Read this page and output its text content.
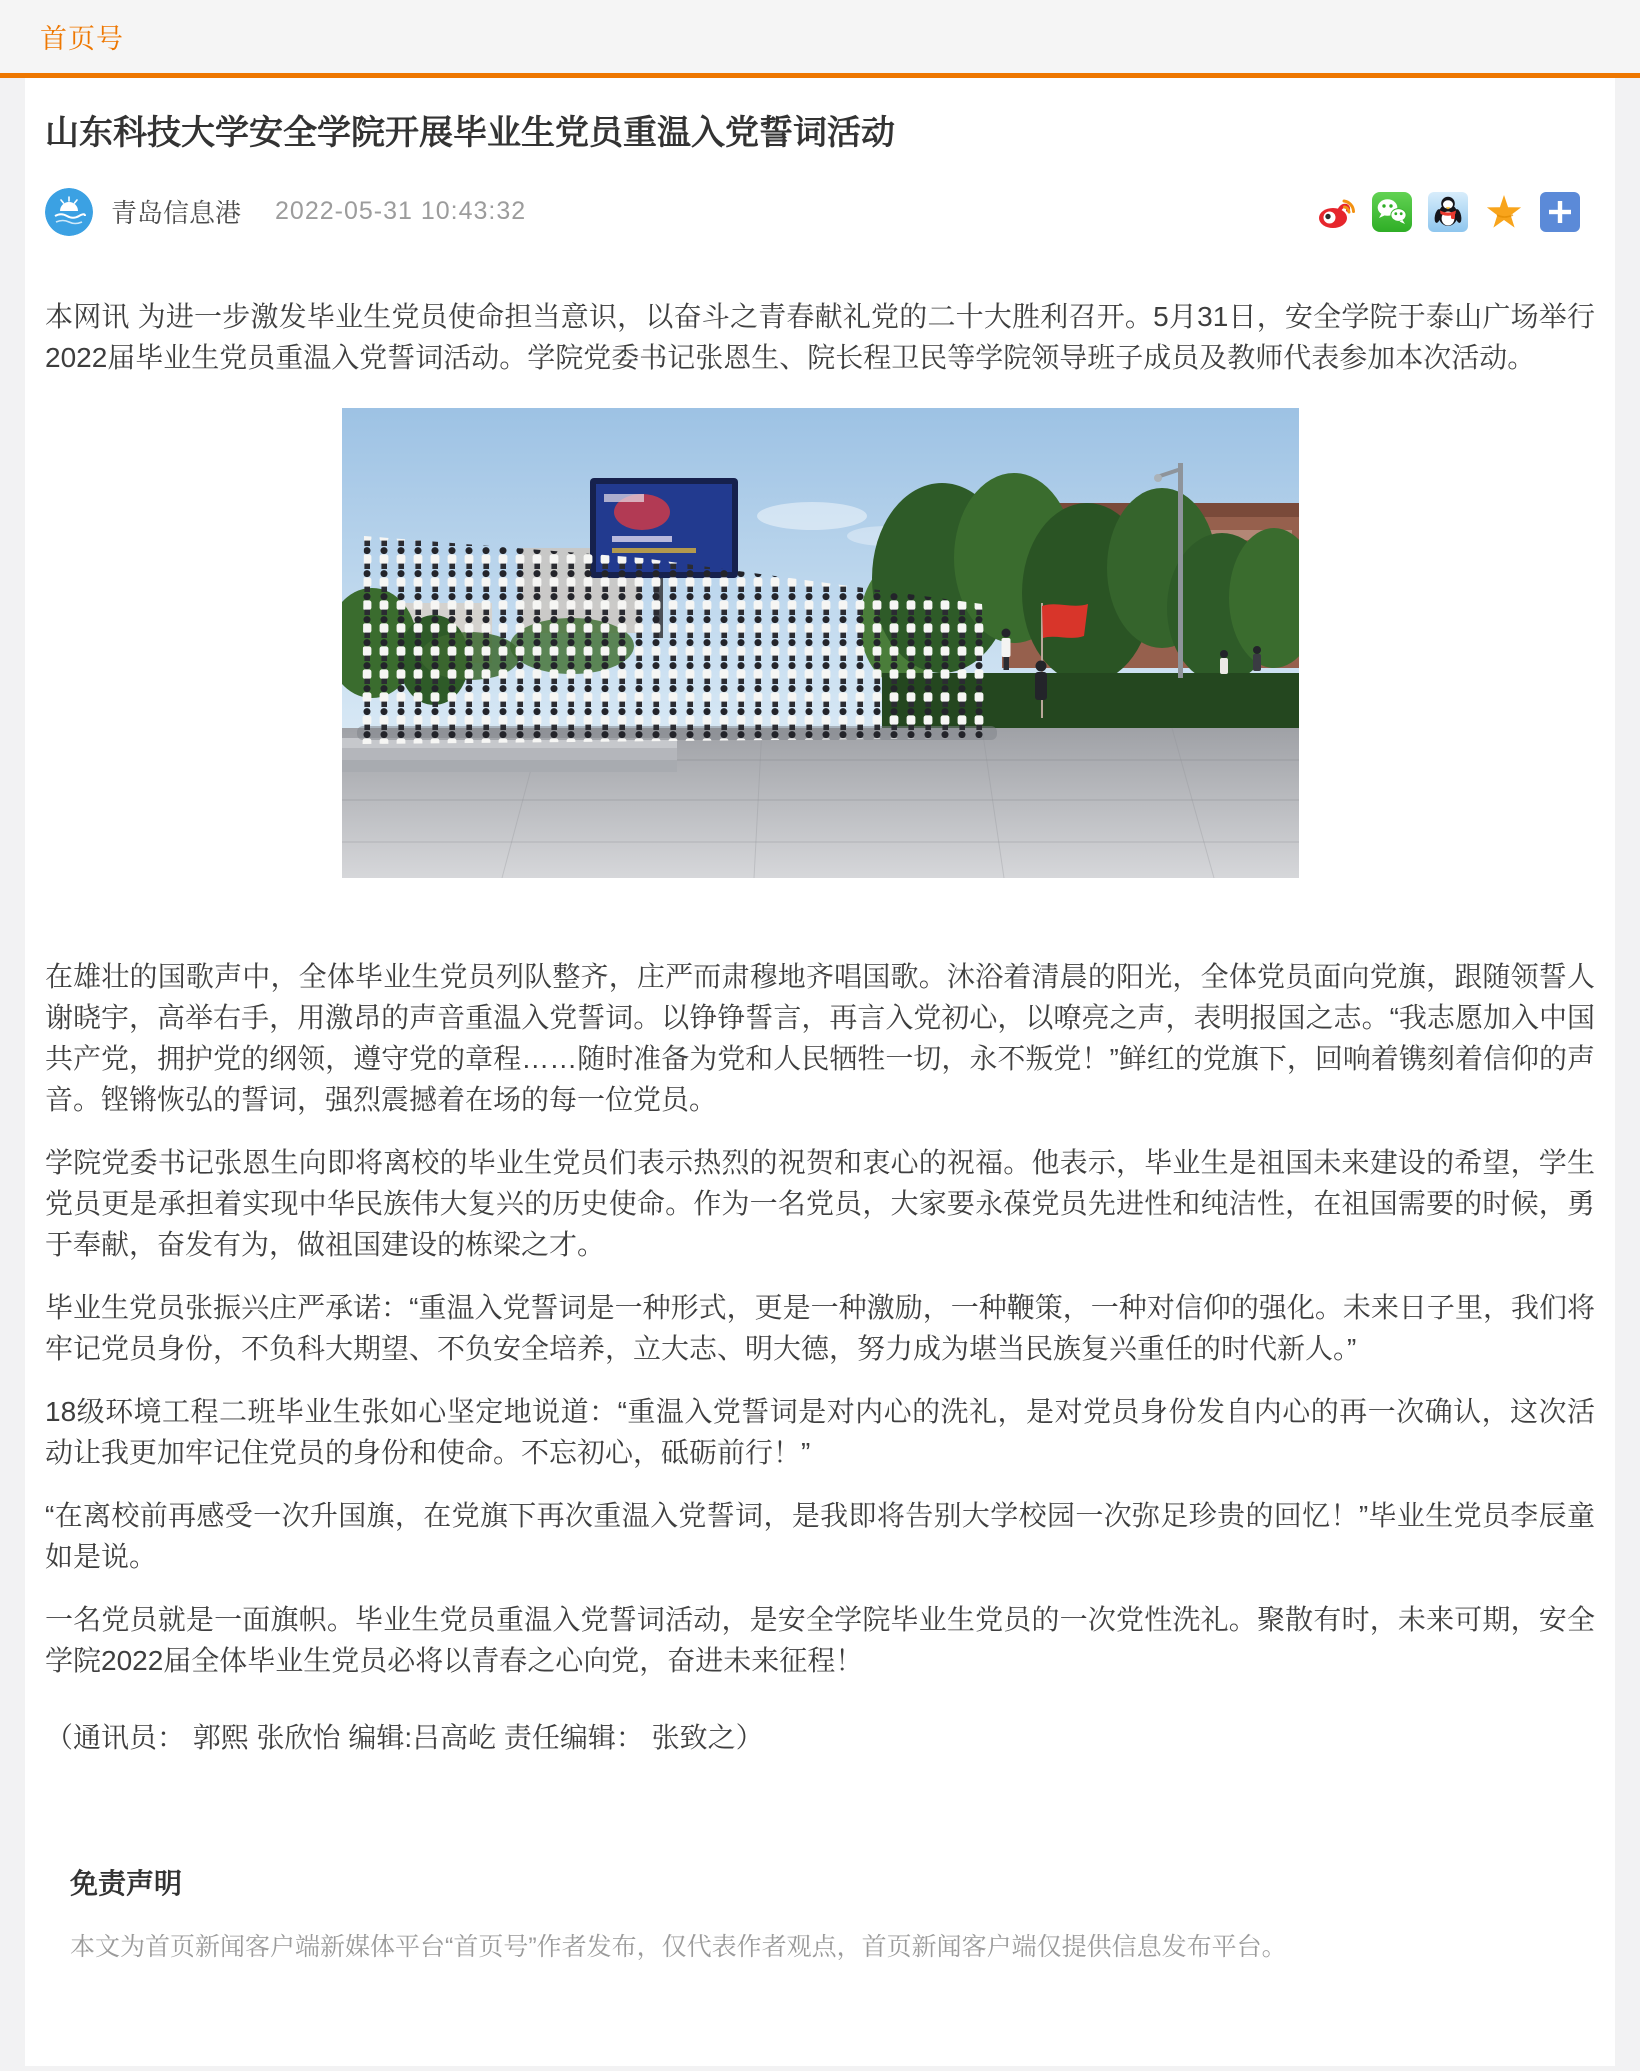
首页号
山东科技大学安全学院开展毕业生党员重温入党誓词活动
青岛信息港 2022-05-31 10:43:32

本网讯 为进一步激发毕业生党员使命担当意识，以奋斗之青春献礼党的二十大胜利召开。5月31日，安全学院于泰山广场举行2022届毕业生党员重温入党誓词活动。学院党委书记张恩生、院长程卫民等学院领导班子成员及教师代表参加本次活动。

在雄壮的国歌声中，全体毕业生党员列队整齐，庄严而肃穆地齐唱国歌。沐浴着清晨的阳光，全体党员面向党旗，跟随领誓人谢晓宇，高举右手，用激昂的声音重温入党誓词。以铮铮誓言，再言入党初心，以嘹亮之声，表明报国之志。“我志愿加入中国共产党，拥护党的纲领，遵守党的章程……随时准备为党和人民牺牲一切，永不叛党！”鲜红的党旗下，回响着镌刻着信仰的声音。铿锵恢弘的誓词，强烈震撼着在场的每一位党员。

学院党委书记张恩生向即将离校的毕业生党员们表示热烈的祝贺和衷心的祝福。他表示，毕业生是祖国未来建设的希望，学生党员更是承担着实现中华民族伟大复兴的历史使命。作为一名党员，大家要永葆党员先进性和纯洁性，在祖国需要的时候，勇于奉献，奋发有为，做祖国建设的栋梁之才。

毕业生党员张振兴庄严承诺：“重温入党誓词是一种形式，更是一种激励，一种鞭策，一种对信仰的强化。未来日子里，我们将牢记党员身份，不负科大期望、不负安全培养，立大志、明大德，努力成为堪当民族复兴重任的时代新人。”

18级环境工程二班毕业生张如心坚定地说道：“重温入党誓词是对内心的洗礼，是对党员身份发自内心的再一次确认，这次活动让我更加牢记住党员的身份和使命。不忘初心，砥砺前行！”

“在离校前再感受一次升国旗，在党旗下再次重温入党誓词，是我即将告别大学校园一次弥足珍贵的回忆！”毕业生党员李辰童如是说。

一名党员就是一面旗帜。毕业生党员重温入党誓词活动，是安全学院毕业生党员的一次党性洗礼。聚散有时，未来可期，安全学院2022届全体毕业生党员必将以青春之心向党，奋进未来征程！

（通讯员： 郭熙 张欣怡 编辑:吕高屹 责任编辑： 张致之）

免责声明

本文为首页新闻客户端新媒体平台“首页号”作者发布，仅代表作者观点，首页新闻客户端仅提供信息发布平台。
